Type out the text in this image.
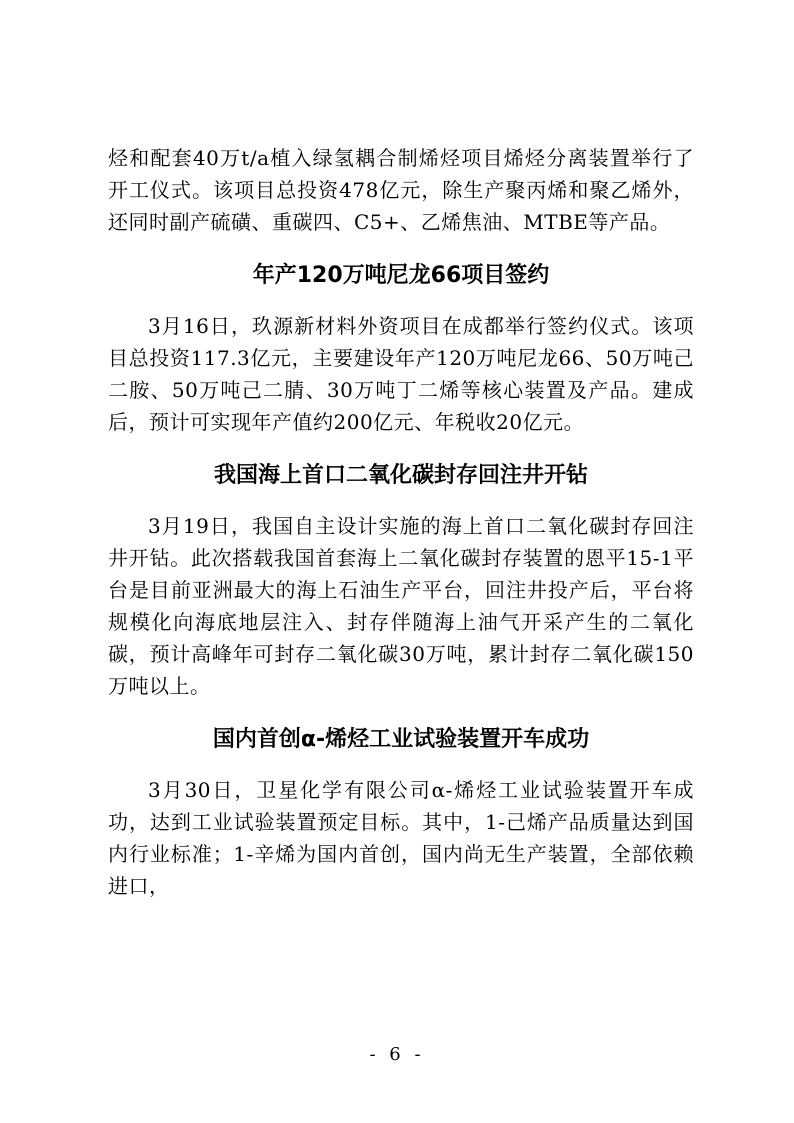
烃和配套40万t/a植入绿氢耦合制烯烃项目烯烃分离装置举行了开工仪式。该项目总投资478亿元，除生产聚丙烯和聚乙烯外，还同时副产硫磺、重碳四、C5+、乙烯焦油、MTBE等产品。

年产120万吨尼龙66项目签约

3月16日，玖源新材料外资项目在成都举行签约仪式。该项目总投资117.3亿元，主要建设年产120万吨尼龙66、50万吨己二胺、50万吨己二腈、30万吨丁二烯等核心装置及产品。建成后，预计可实现年产值约200亿元、年税收20亿元。

我国海上首口二氧化碳封存回注井开钻

3月19日，我国自主设计实施的海上首口二氧化碳封存回注井开钻。此次搭载我国首套海上二氧化碳封存装置的恩平15-1平台是目前亚洲最大的海上石油生产平台，回注井投产后，平台将规模化向海底地层注入、封存伴随海上油气开采产生的二氧化碳，预计高峰年可封存二氧化碳30万吨，累计封存二氧化碳150万吨以上。

国内首创α-烯烃工业试验装置开车成功

3月30日，卫星化学有限公司α-烯烃工业试验装置开车成功，达到工业试验装置预定目标。其中，1-己烯产品质量达到国内行业标准；1-辛烯为国内首创，国内尚无生产装置，全部依赖进口，

- 6 -
